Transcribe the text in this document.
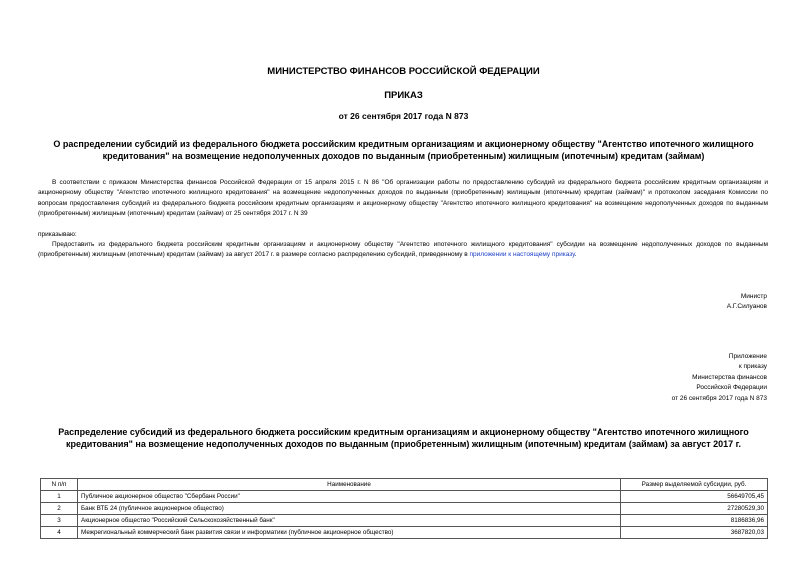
МИНИСТЕРСТВО ФИНАНСОВ РОССИЙСКОЙ ФЕДЕРАЦИИ
ПРИКАЗ
от 26 сентября 2017 года N 873
О распределении субсидий из федерального бюджета российским кредитным организациям и акционерному обществу "Агентство ипотечного жилищного кредитования" на возмещение недополученных доходов по выданным (приобретенным) жилищным (ипотечным) кредитам (займам)
В соответствии с приказом Министерства финансов Российской Федерации от 15 апреля 2015 г. N 86 "Об организации работы по предоставлению субсидий из федерального бюджета российским кредитным организациям и акционерному обществу "Агентство ипотечного жилищного кредитования" на возмещение недополученных доходов по выданным (приобретенным) жилищным (ипотечным) кредитам (займам)" и протоколом заседания Комиссии по вопросам предоставления субсидий из федерального бюджета российским кредитным организациям и акционерному обществу "Агентство ипотечного жилищного кредитования" на возмещение недополученных доходов по выданным (приобретенным) жилищным (ипотечным) кредитам (займам) от 25 сентября 2017 г. N 39
приказываю:
Предоставить из федерального бюджета российским кредитным организациям и акционерному обществу "Агентство ипотечного жилищного кредитования" субсидии на возмещение недополученных доходов по выданным (приобретенным) жилищным (ипотечным) кредитам (займам) за август 2017 г. в размере согласно распределению субсидий, приведенному в приложении к настоящему приказу.
Министр
А.Г.Силуанов
Приложение
к приказу
Министерства финансов
Российской Федерации
от 26 сентября 2017 года N 873
Распределение субсидий из федерального бюджета российским кредитным организациям и акционерному обществу "Агентство ипотечного жилищного кредитования" на возмещение недополученных доходов по выданным (приобретенным) жилищным (ипотечным) кредитам (займам) за август 2017 г.
N п/п	Наименование	Размер выделяемой субсидии, руб.
1	Публичное акционерное общество "Сбербанк России"	56649705,45
2	Банк ВТБ 24 (публичное акционерное общество)	27280529,30
3	Акционерное общество "Российский Сельскохозяйственный банк"	8186836,96
4	Межрегиональный коммерческий банк развития связи и информатики (публичное акционерное общество)	3687820,03
